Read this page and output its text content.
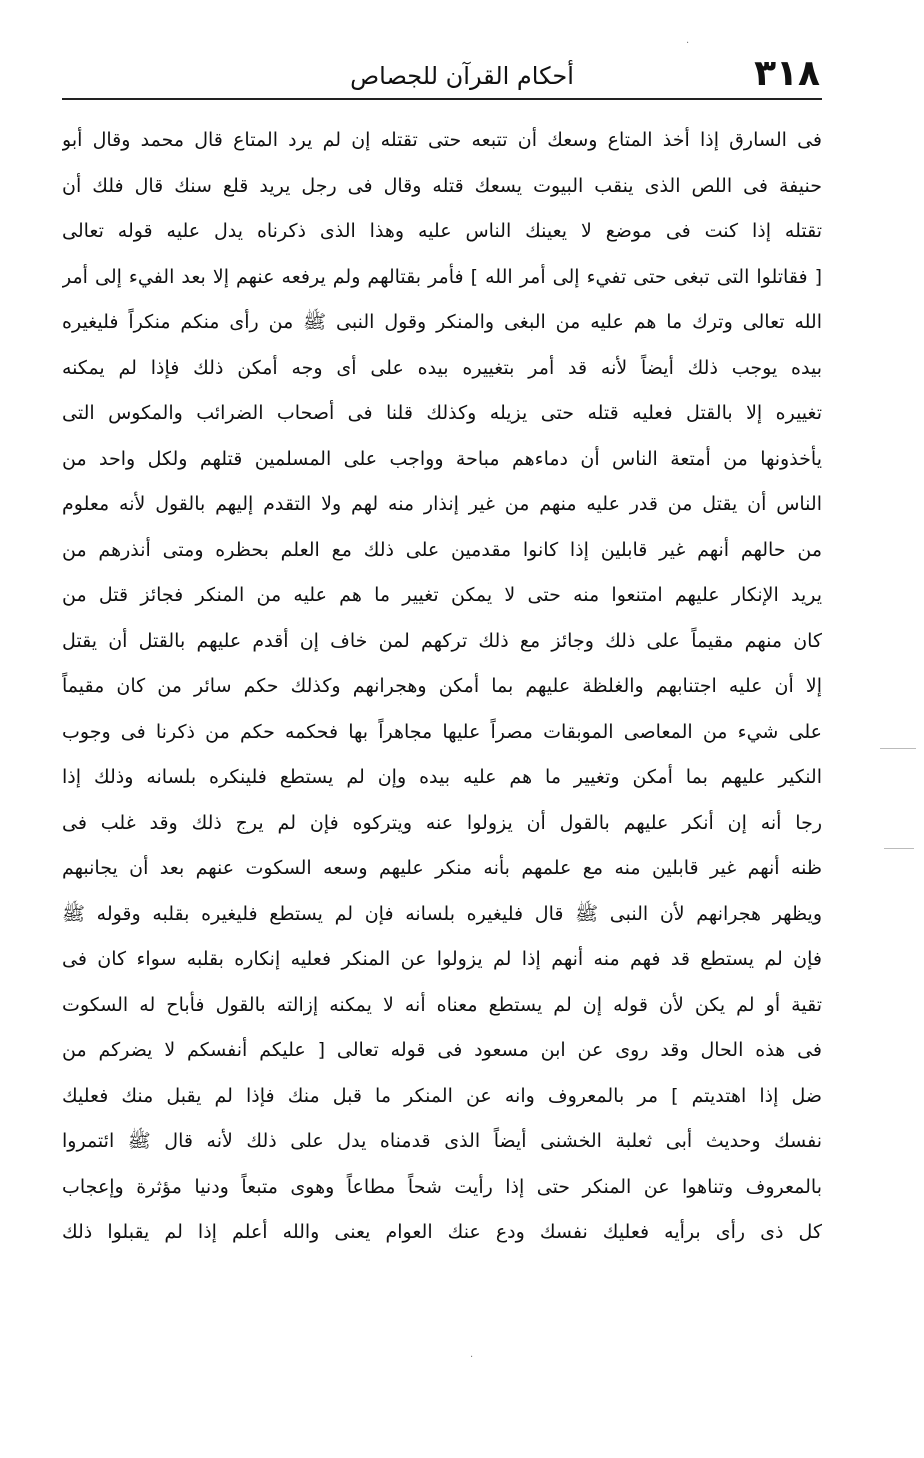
·
٣١٨
أحكام القرآن للجصاص
فى السارق إذا أخذ المتاع وسعك أن تتبعه حتى تقتله إن لم يرد المتاع قال محمد وقال أبو
حنيفة فى اللص الذى ينقب البيوت يسعك قتله وقال فى رجل يريد قلع سنك قال فلك أن
تقتله إذا كنت فى موضع لا يعينك الناس عليه وهذا الذى ذكرناه يدل عليه قوله تعالى
[ فقاتلوا التى تبغى حتى تفيء إلى أمر الله ] فأمر بقتالهم ولم يرفعه عنهم إلا بعد الفيء إلى أمر
الله تعالى وترك ما هم عليه من البغى والمنكر وقول النبى ﷺ من رأى منكم منكراً فليغيره
بيده يوجب ذلك أيضاً لأنه قد أمر بتغييره بيده على أى وجه أمكن ذلك فإذا لم يمكنه
تغييره إلا بالقتل فعليه قتله حتى يزيله وكذلك قلنا فى أصحاب الضرائب والمكوس التى
يأخذونها من أمتعة الناس أن دماءهم مباحة وواجب على المسلمين قتلهم ولكل واحد من
الناس أن يقتل من قدر عليه منهم من غير إنذار منه لهم ولا التقدم إليهم بالقول لأنه معلوم
من حالهم أنهم غير قابلين إذا كانوا مقدمين على ذلك مع العلم بحظره ومتى أنذرهم من
يريد الإنكار عليهم امتنعوا منه حتى لا يمكن تغيير ما هم عليه من المنكر فجائز قتل من
كان منهم مقيماً على ذلك وجائز مع ذلك تركهم لمن خاف إن أقدم عليهم بالقتل أن يقتل
إلا أن عليه اجتنابهم والغلظة عليهم بما أمكن وهجرانهم وكذلك حكم سائر من كان مقيماً
على شيء من المعاصى الموبقات مصراً عليها مجاهراً بها فحكمه حكم من ذكرنا فى وجوب
النكير عليهم بما أمكن وتغيير ما هم عليه بيده وإن لم يستطع فلينكره بلسانه وذلك إذا
رجا أنه إن أنكر عليهم بالقول أن يزولوا عنه ويتركوه فإن لم يرج ذلك وقد غلب فى
ظنه أنهم غير قابلين منه مع علمهم بأنه منكر عليهم وسعه السكوت عنهم بعد أن يجانبهم
ويظهر هجرانهم لأن النبى ﷺ قال فليغيره بلسانه فإن لم يستطع فليغيره بقلبه وقوله ﷺ
فإن لم يستطع قد فهم منه أنهم إذا لم يزولوا عن المنكر فعليه إنكاره بقلبه سواء كان فى
تقية أو لم يكن لأن قوله إن لم يستطع معناه أنه لا يمكنه إزالته بالقول فأباح له السكوت
فى هذه الحال وقد روى عن ابن مسعود فى قوله تعالى [ عليكم أنفسكم لا يضركم من
ضل إذا اهتديتم ] مر بالمعروف وانه عن المنكر ما قبل منك فإذا لم يقبل منك فعليك
نفسك وحديث أبى ثعلبة الخشنى أيضاً الذى قدمناه يدل على ذلك لأنه قال ﷺ ائتمروا
بالمعروف وتناهوا عن المنكر حتى إذا رأيت شحاً مطاعاً وهوى متبعاً ودنيا مؤثرة وإعجاب
كل ذى رأى برأيه فعليك نفسك ودع عنك العوام يعنى والله أعلم إذا لم يقبلوا ذلك
·
